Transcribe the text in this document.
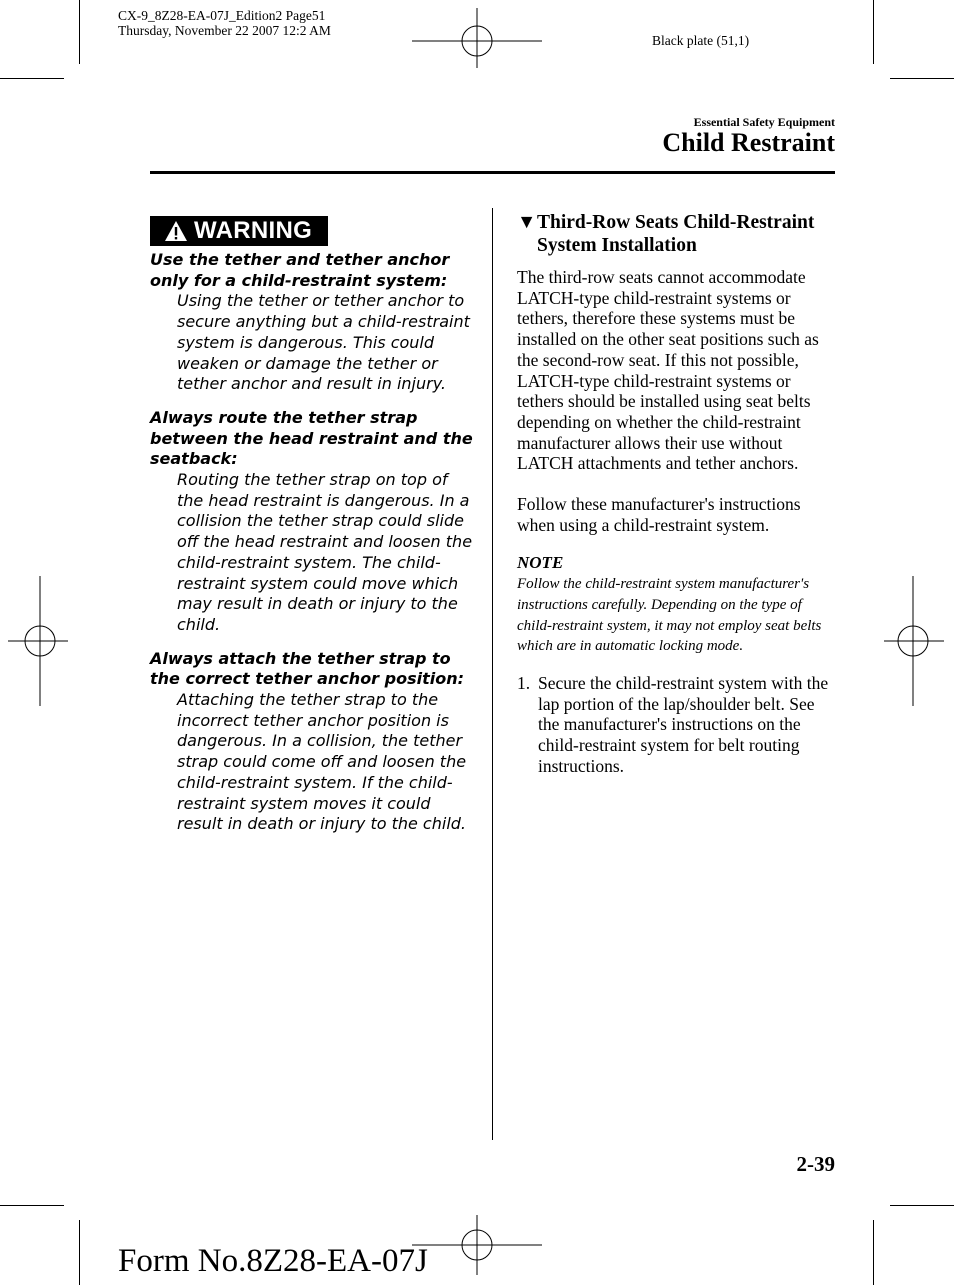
CX-9_8Z28-EA-07J_Edition2 Page51
Thursday, November 22 2007 12:2 AM
Black plate (51,1)
Essential Safety Equipment
Child Restraint
WARNING
Use the tether and tether anchor only for a child-restraint system:
Using the tether or tether anchor to secure anything but a child-restraint system is dangerous. This could weaken or damage the tether or tether anchor and result in injury.
Always route the tether strap between the head restraint and the seatback:
Routing the tether strap on top of the head restraint is dangerous. In a collision the tether strap could slide off the head restraint and loosen the child-restraint system. The child-restraint system could move which may result in death or injury to the child.
Always attach the tether strap to the correct tether anchor position:
Attaching the tether strap to the incorrect tether anchor position is dangerous. In a collision, the tether strap could come off and loosen the child-restraint system. If the child-restraint system moves it could result in death or injury to the child.
▼Third-Row Seats Child-Restraint System Installation

The third-row seats cannot accommodate LATCH-type child-restraint systems or tethers, therefore these systems must be installed on the other seat positions such as the second-row seat. If this not possible, LATCH-type child-restraint systems or tethers should be installed using seat belts depending on whether the child-restraint manufacturer allows their use without LATCH attachments and tether anchors.

Follow these manufacturer's instructions when using a child-restraint system.

NOTE
Follow the child-restraint system manufacturer's instructions carefully. Depending on the type of child-restraint system, it may not employ seat belts which are in automatic locking mode.
1. Secure the child-restraint system with the lap portion of the lap/shoulder belt. See the manufacturer's instructions on the child-restraint system for belt routing instructions.
2-39
Form No.8Z28-EA-07J
